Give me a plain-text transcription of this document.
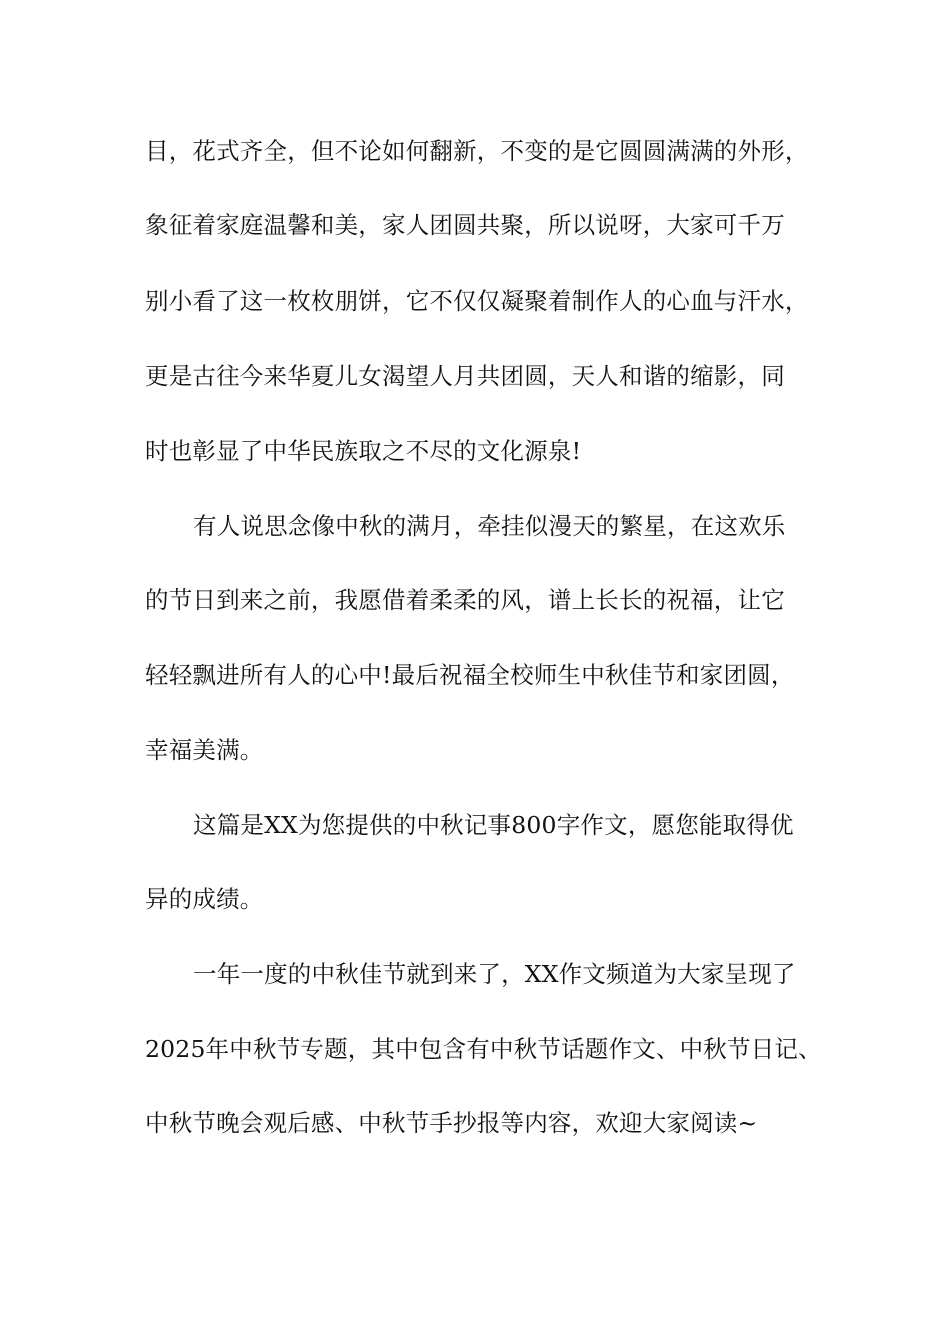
目，花式齐全，但不论如何翻新，不变的是它圆圆满满的外形，
象征着家庭温馨和美，家人团圆共聚，所以说呀，大家可千万
别小看了这一枚枚朋饼，它不仅仅凝聚着制作人的心血与汗水，
更是古往今来华夏儿女渴望人月共团圆，天人和谐的缩影，同
时也彰显了中华民族取之不尽的文化源泉!
有人说思念像中秋的满月，牵挂似漫天的繁星，在这欢乐
的节日到来之前，我愿借着柔柔的风，谱上长长的祝福，让它
轻轻飘进所有人的心中!最后祝福全校师生中秋佳节和家团圆，
幸福美满。
这篇是XX为您提供的中秋记事800字作文，愿您能取得优
异的成绩。
一年一度的中秋佳节就到来了，XX作文频道为大家呈现了
2025年中秋节专题，其中包含有中秋节话题作文、中秋节日记、
中秋节晚会观后感、中秋节手抄报等内容，欢迎大家阅读~
